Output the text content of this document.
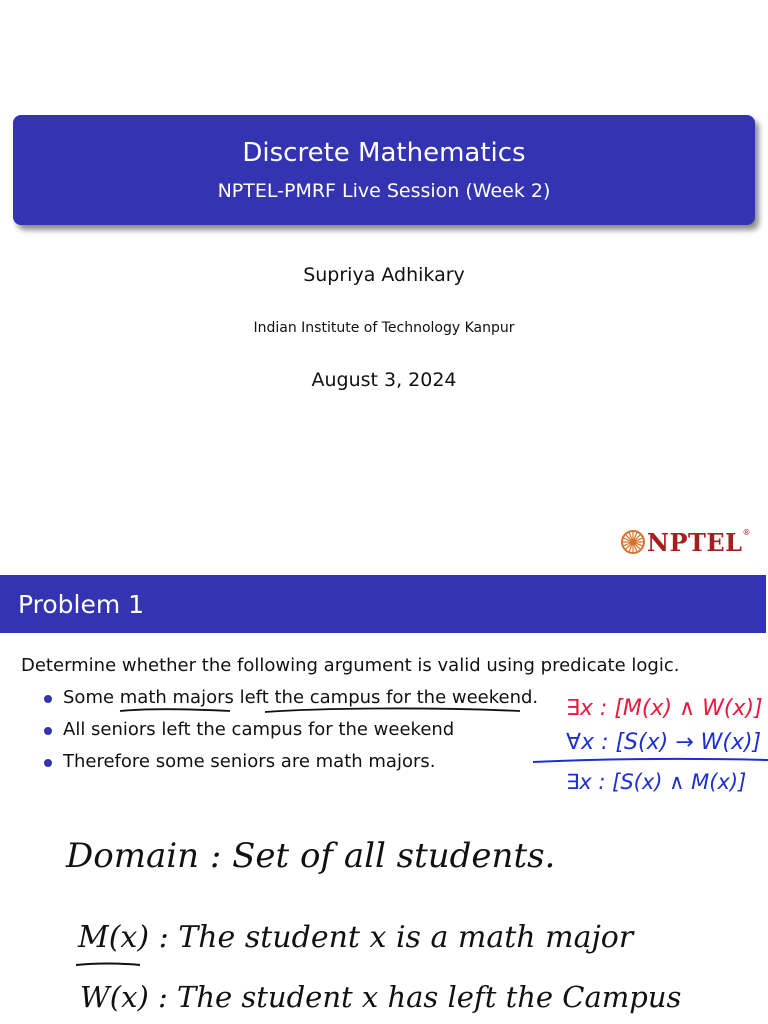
Discrete Mathematics
NPTEL-PMRF Live Session (Week 2)
Supriya Adhikary
Indian Institute of Technology Kanpur
August 3, 2024
NPTEL ®
Problem 1
Determine whether the following argument is valid using predicate logic.
Some math majors left the campus for the weekend.
All seniors left the campus for the weekend
Therefore some seniors are math majors.
∃x : [M(x) ∧ W(x)]
∀x : [S(x) → W(x)]
∃x : [S(x) ∧ M(x)]
Domain : Set of all students.
M(x) : The student x is a math major
W(x) : The student x has left the Campus
